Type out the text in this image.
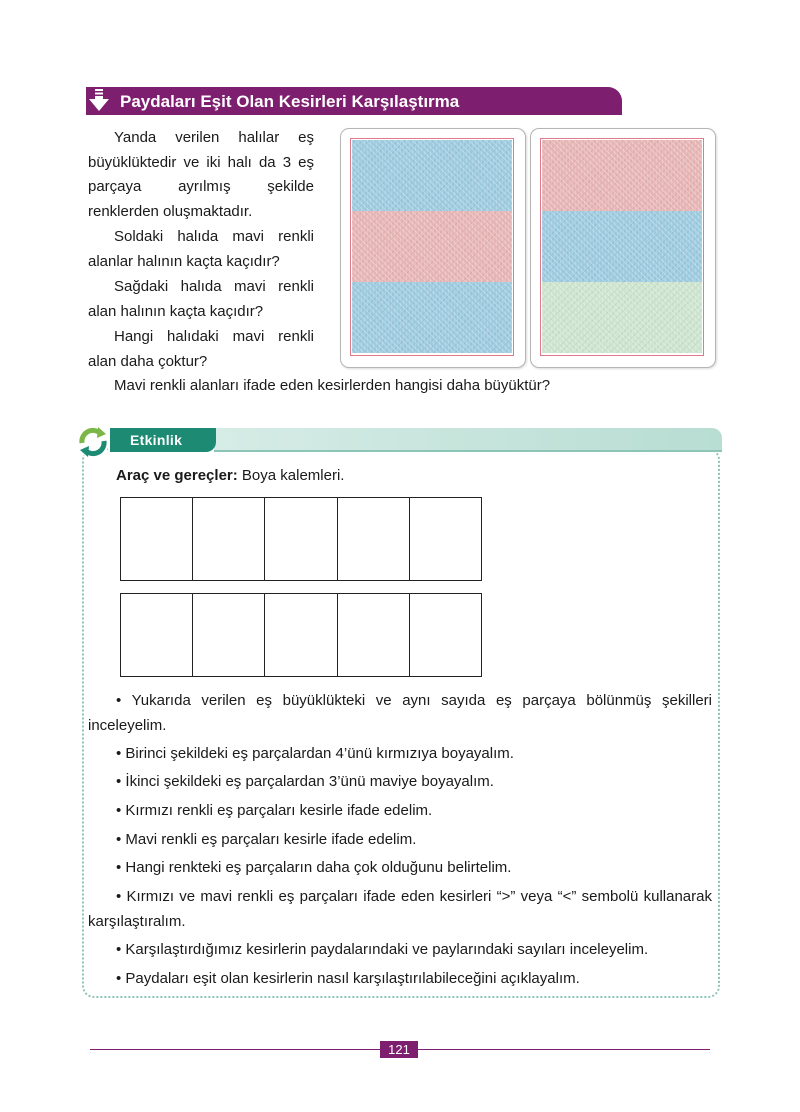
Paydaları Eşit Olan Kesirleri Karşılaştırma

Yanda verilen halılar eş büyüklüktedir ve iki halı da 3 eş parçaya ayrılmış şekilde renklerden oluşmaktadır.

Soldaki halıda mavi renkli alanlar halının kaçta kaçıdır?

Sağdaki halıda mavi renkli alan halının kaçta kaçıdır?

Hangi halıdaki mavi renkli alan daha çoktur?

Mavi renkli alanları ifade eden kesirlerden hangisi daha büyüktür?

Etkinlik
Araç ve gereçler: Boya kalemleri.

• Yukarıda verilen eş büyüklükteki ve aynı sayıda eş parçaya bölünmüş şekilleri inceleyelim.

• Birinci şekildeki eş parçalardan 4’ünü kırmızıya boyayalım.

• İkinci şekildeki eş parçalardan 3’ünü maviye boyayalım.

• Kırmızı renkli eş parçaları kesirle ifade edelim.

• Mavi renkli eş parçaları kesirle ifade edelim.

• Hangi renkteki eş parçaların daha çok olduğunu belirtelim.

• Kırmızı ve mavi renkli eş parçaları ifade eden kesirleri “>” veya “<” sembolü kullanarak karşılaştıralım.

• Karşılaştırdığımız kesirlerin paydalarındaki ve paylarındaki sayıları inceleyelim.

• Paydaları eşit olan kesirlerin nasıl karşılaştırılabileceğini açıklayalım.

121
